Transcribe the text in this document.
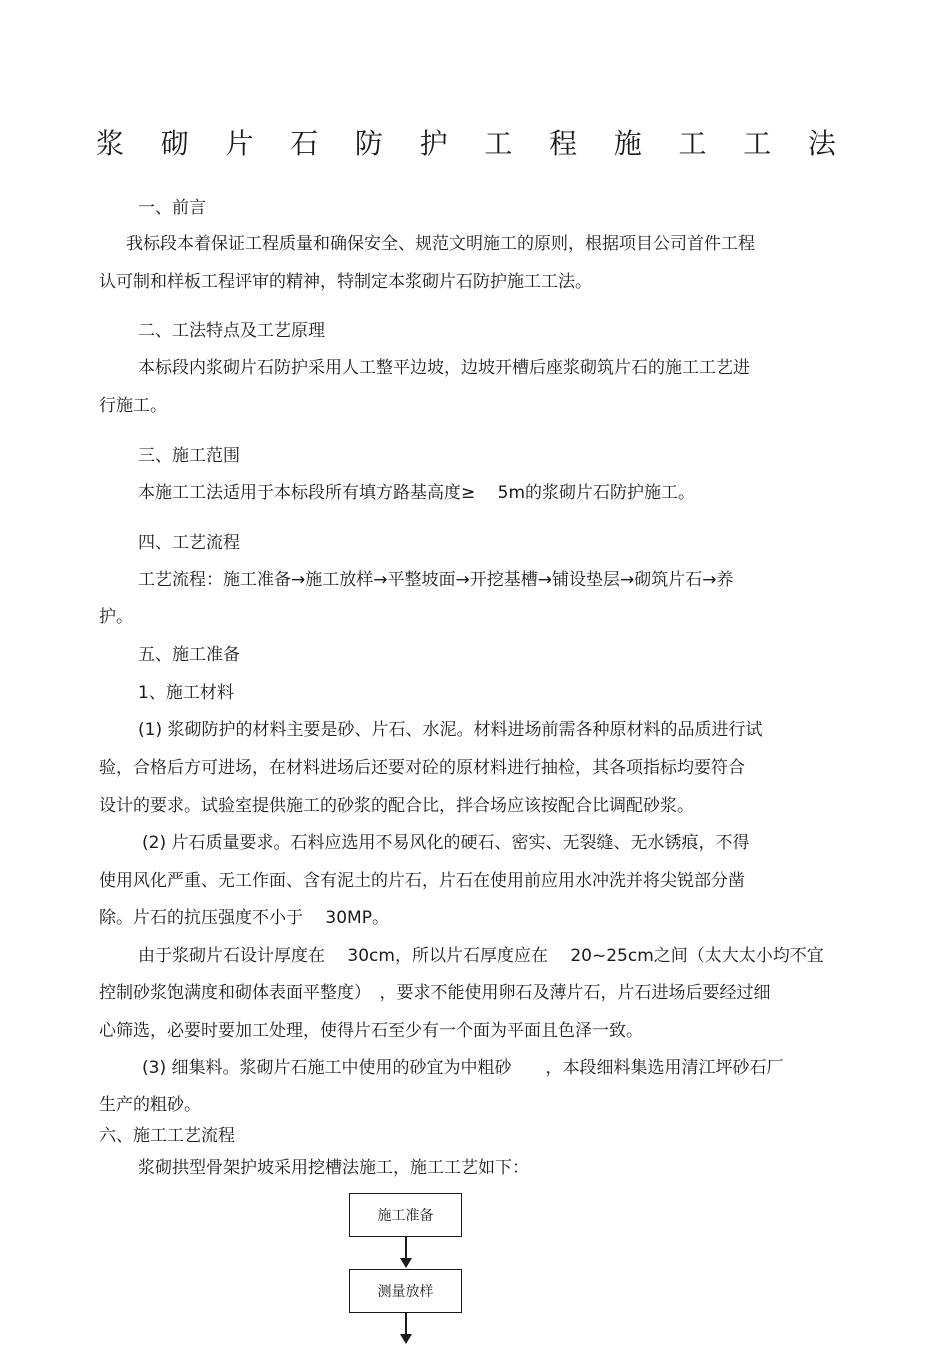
浆 砌 片 石 防 护 工 程 施 工 工 法
一、前言
我标段本着保证工程质量和确保安全、规范文明施工的原则，根据项目公司首件工程
认可制和样板工程评审的精神，特制定本浆砌片石防护施工工法。
二、工法特点及工艺原理
本标段内浆砌片石防护采用人工整平边坡，边坡开槽后座浆砌筑片石的施工工艺进
行施工。
三、施工范围
本施工工法适用于本标段所有填方路基高度≥　 5m的浆砌片石防护施工。
四、工艺流程
工艺流程：施工准备→施工放样→平整坡面→开挖基槽→铺设垫层→砌筑片石→养
护。
五、施工准备
1、施工材料
(1) 浆砌防护的材料主要是砂、片石、水泥。材料进场前需各种原材料的品质进行试
验，合格后方可进场，在材料进场后还要对砼的原材料进行抽检，其各项指标均要符合
设计的要求。试验室提供施工的砂浆的配合比，拌合场应该按配合比调配砂浆。
(2) 片石质量要求。石料应选用不易风化的硬石、密实、无裂缝、无水锈痕，不得
使用风化严重、无工作面、含有泥土的片石，片石在使用前应用水冲洗并将尖锐部分凿
除。片石的抗压强度不小于　 30MP。
由于浆砌片石设计厚度在　 30cm，所以片石厚度应在　 20~25cm之间（太大太小均不宜
控制砂浆饱满度和砌体表面平整度）　，要求不能使用卵石及薄片石，片石进场后要经过细
心筛选，必要时要加工处理，使得片石至少有一个面为平面且色泽一致。
(3) 细集料。浆砌片石施工中使用的砂宜为中粗砂　　，本段细料集选用清江坪砂石厂
生产的粗砂。
六、施工工艺流程
浆砌拱型骨架护坡采用挖槽法施工，施工工艺如下：
施工准备
测量放样
